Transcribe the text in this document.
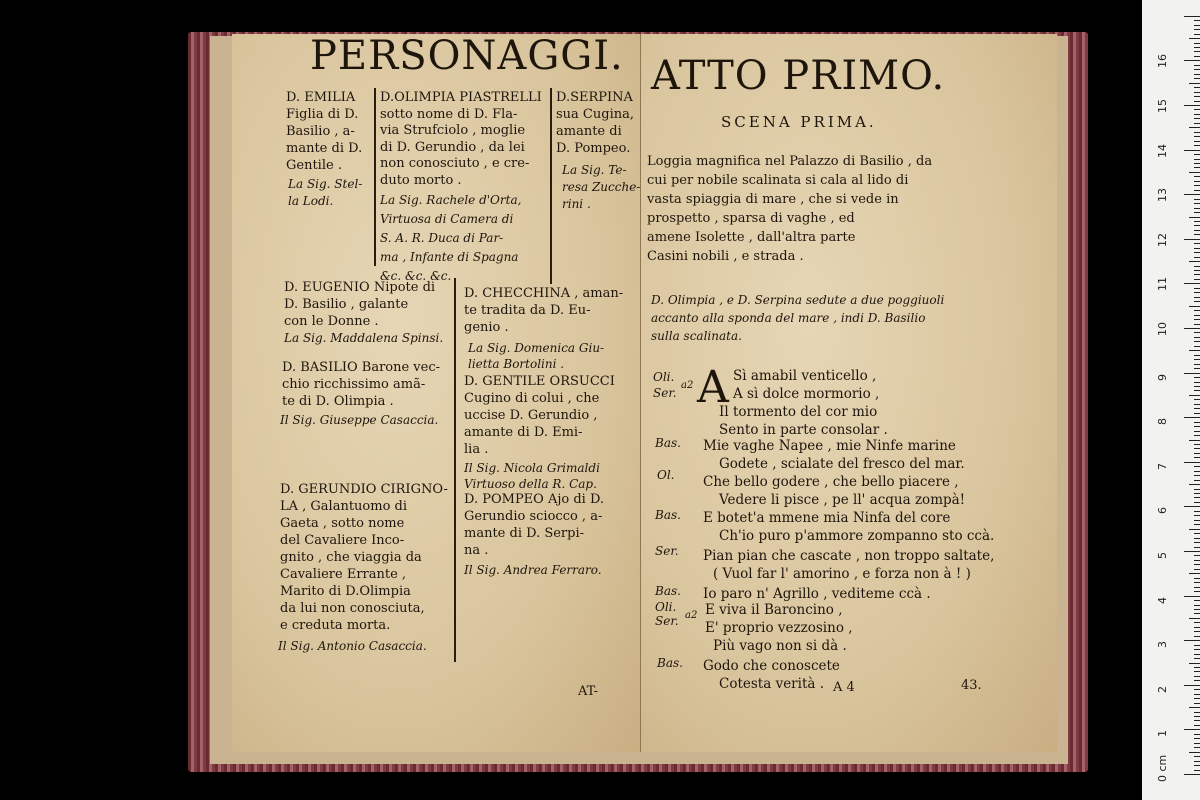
PERSONAGGI.
D. EMILIA
Figlia di D.
Basilio , a-
mante di D.
Gentile .
La Sig. Stel-
la Lodi.
D.OLIMPIA PIASTRELLI
sotto nome di D. Fla-
via Strufciolo , moglie
di D. Gerundio , da lei
non conosciuto , e cre-
duto morto .
La Sig. Rachele d'Orta,
Virtuosa di Camera di
S. A. R. Duca di Par-
ma , Infante di Spagna
&c. &c. &c.
D.SERPINA
sua Cugina,
amante di
D. Pompeo.
La Sig. Te-
resa Zucche-
rini .
D. EUGENIO Nipote di
D. Basilio , galante
con le Donne .
La Sig. Maddalena Spinsi.
D. BASILIO Barone vec-
chio ricchissimo amã-
te di D. Olimpia .
Il Sig. Giuseppe Casaccia.
D. GERUNDIO CIRIGNO-
LA , Galantuomo di
Gaeta , sotto nome
del Cavaliere Inco-
gnito , che viaggia da
Cavaliere Errante ,
Marito di D.Olimpia
da lui non conosciuta,
e creduta morta.
Il Sig. Antonio Casaccia.
D. CHECCHINA , aman-
te tradita da D. Eu-
genio .
La Sig. Domenica Giu-
lietta Bortolini .
D. GENTILE ORSUCCI
Cugino di colui , che
uccise D. Gerundio ,
amante di D. Emi-
lia .
Il Sig. Nicola Grimaldi
Virtuoso della R. Cap.
D. POMPEO Ajo di D.
Gerundio sciocco , a-
mante di D. Serpi-
na .
Il Sig. Andrea Ferraro.
AT-
ATTO PRIMO.
SCENA PRIMA.
Loggia magnifica nel Palazzo di Basilio , da
cui per nobile scalinata si cala al lido di
vasta spiaggia di mare , che si vede in
prospetto , sparsa di vaghe , ed
amene Isolette , dall'altra parte
Casini nobili , e strada .
D. Olimpia , e D. Serpina sedute a due poggiuoli
accanto alla sponda del mare , indi D. Basilio
sulla scalinata.
A
Oli.
Ser.
a2
Bas.
Ol.
Bas.
Ser.
Bas.
Oli.
Ser. a2
Bas.
Sì amabil venticello ,
A sì dolce mormorio ,
Il tormento del cor mio
Sento in parte consolar .
Mie vaghe Napee , mie Ninfe marine
Godete , scialate del fresco del mar.
Che bello godere , che bello piacere ,
Vedere li pisce , pe ll' acqua zompà!
E botet'a mmene mia Ninfa del core
Ch'io puro p'ammore zompanno sto ccà.
Pian pian che cascate , non troppo saltate,
( Vuol far l' amorino , e forza non à ! )
Io paro n' Agrillo , vediteme ccà .
E viva il Baroncino ,
E' proprio vezzosino ,
Più vago non si dà .
Godo che conoscete
Cotesta verità . A 4	43.
16
15
14
13
12
11
10
9
8
7
6
5
4
3
2
1
0 cm
